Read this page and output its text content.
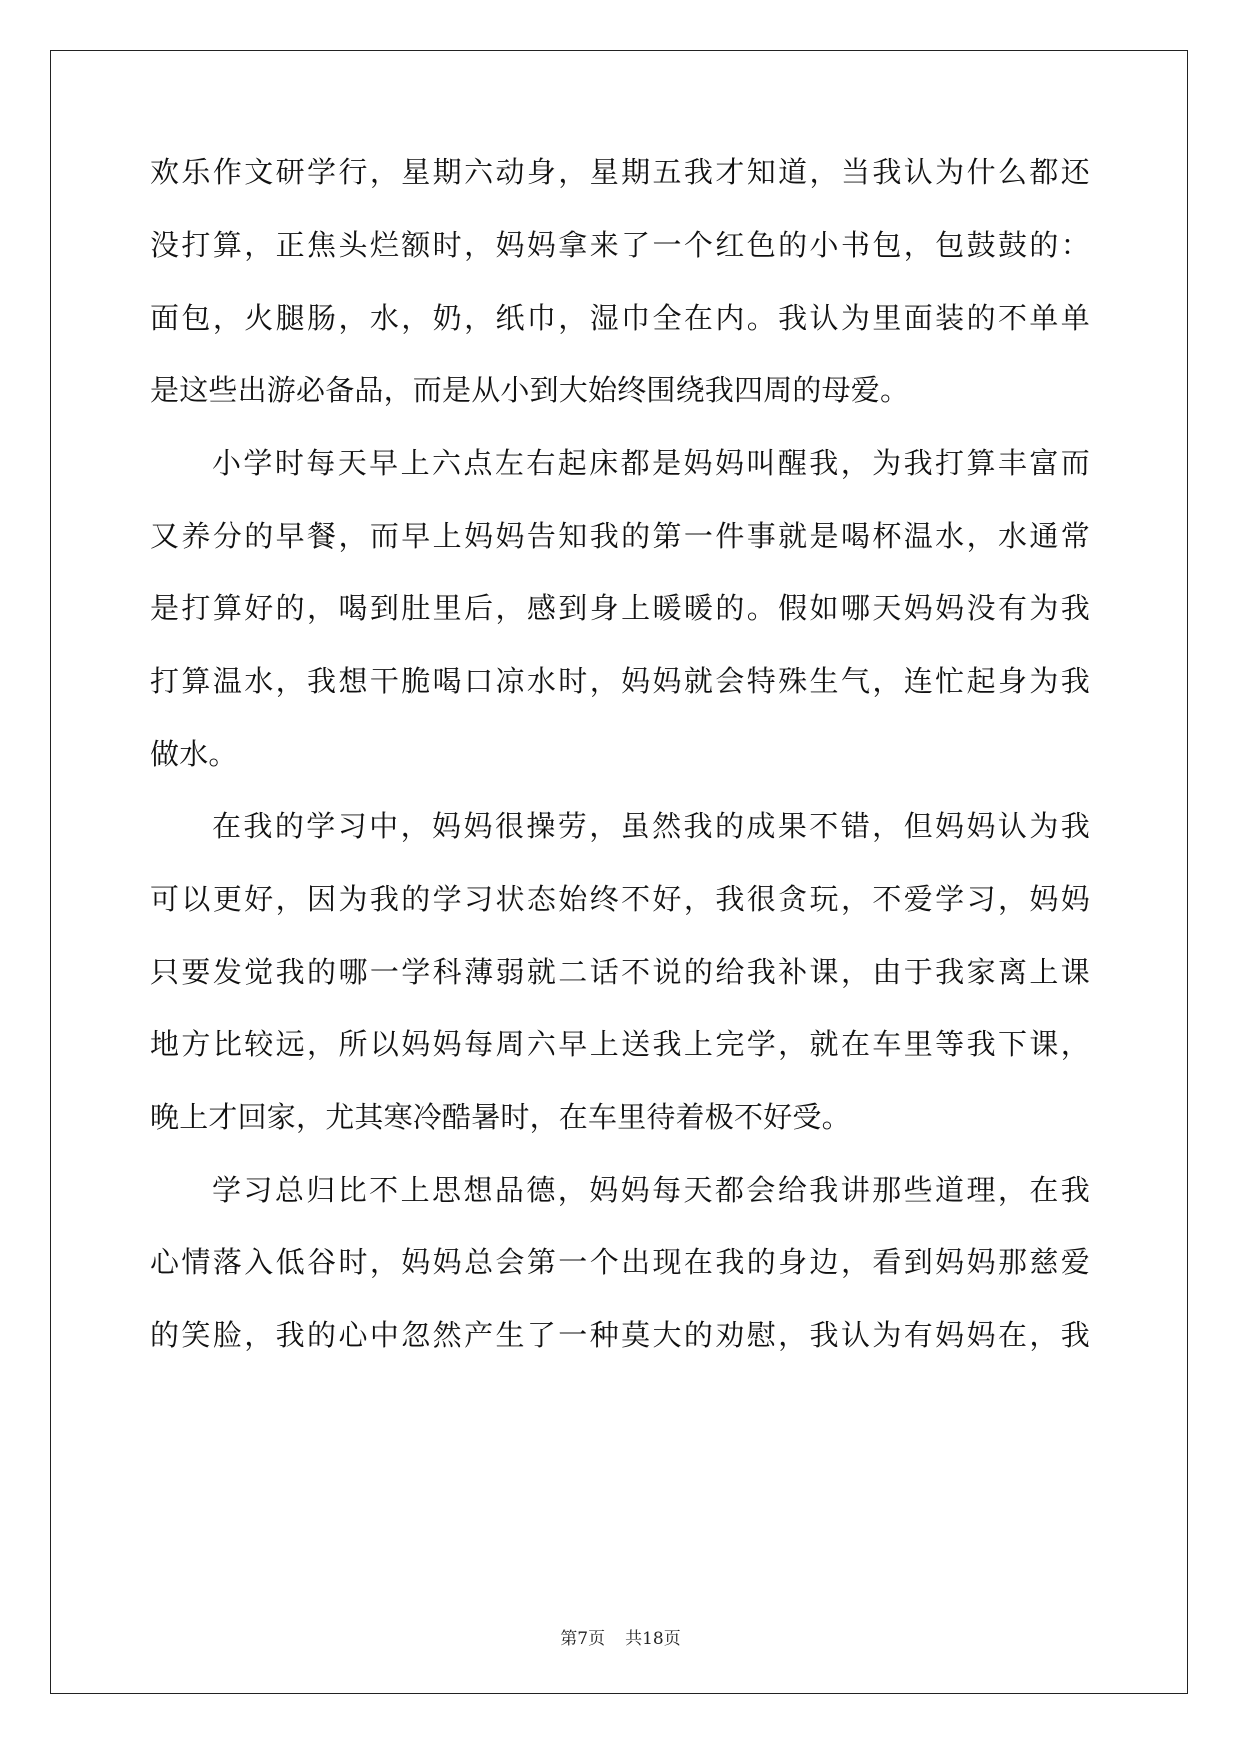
欢乐作文研学行，星期六动身，星期五我才知道，当我认为什么都还
没打算，正焦头烂额时，妈妈拿来了一个红色的小书包，包鼓鼓的：
面包，火腿肠，水，奶，纸巾，湿巾全在内。我认为里面装的不单单
是这些出游必备品，而是从小到大始终围绕我四周的母爱。
小学时每天早上六点左右起床都是妈妈叫醒我，为我打算丰富而
又养分的早餐，而早上妈妈告知我的第一件事就是喝杯温水，水通常
是打算好的，喝到肚里后，感到身上暖暖的。假如哪天妈妈没有为我
打算温水，我想干脆喝口凉水时，妈妈就会特殊生气，连忙起身为我
做水。
在我的学习中，妈妈很操劳，虽然我的成果不错，但妈妈认为我
可以更好，因为我的学习状态始终不好，我很贪玩，不爱学习，妈妈
只要发觉我的哪一学科薄弱就二话不说的给我补课，由于我家离上课
地方比较远，所以妈妈每周六早上送我上完学，就在车里等我下课，
晚上才回家，尤其寒冷酷暑时，在车里待着极不好受。
学习总归比不上思想品德，妈妈每天都会给我讲那些道理，在我
心情落入低谷时，妈妈总会第一个出现在我的身边，看到妈妈那慈爱
的笑脸，我的心中忽然产生了一种莫大的劝慰，我认为有妈妈在，我
第7页 共18页
